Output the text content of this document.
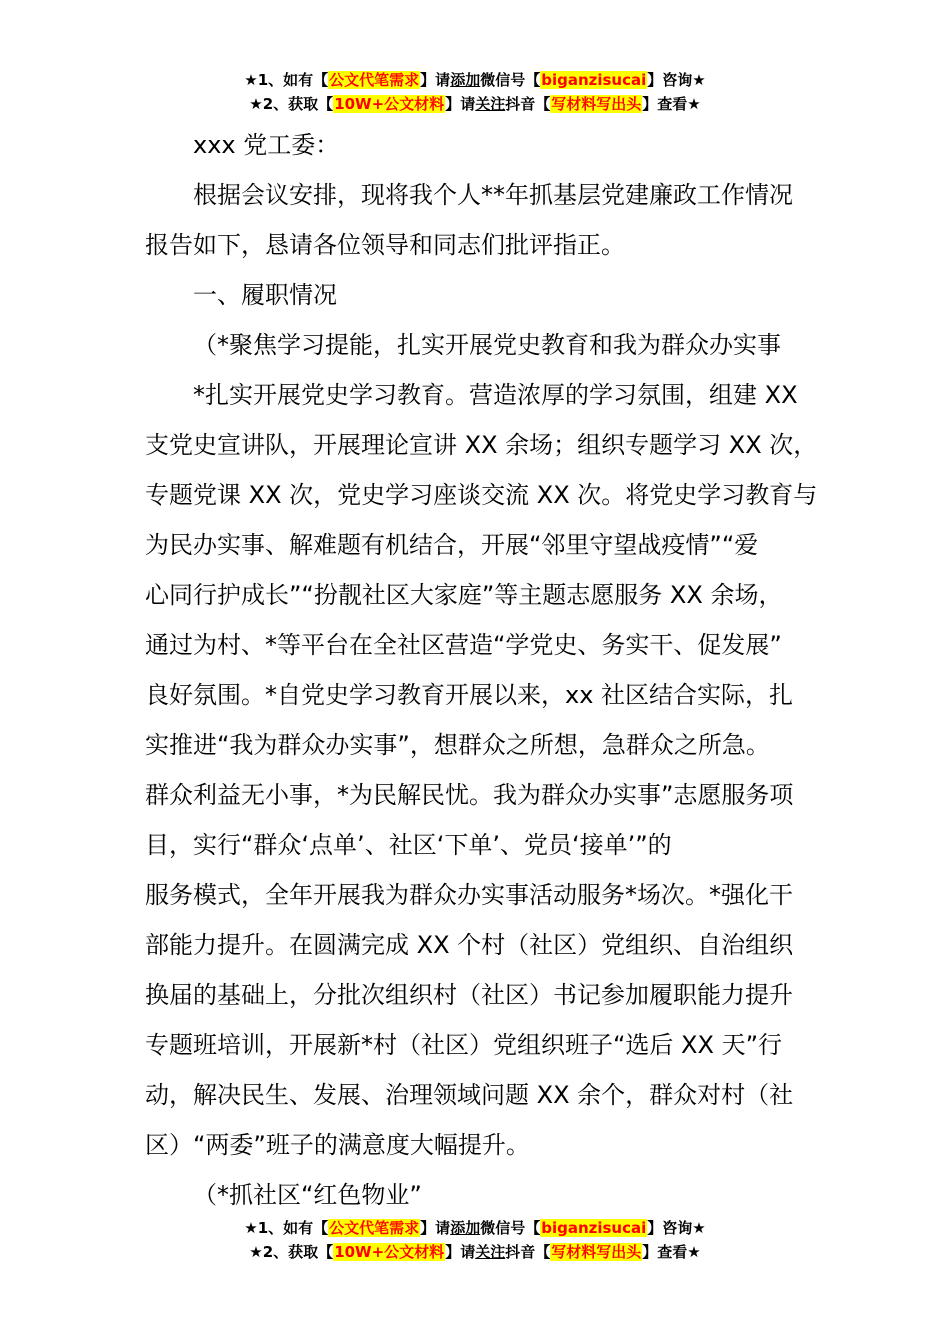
★1、如有【公文代笔需求】请添加微信号【biganzisucai】咨询★
★2、获取【10W+公文材料】请关注抖音【写材料写出头】查看★

xxx 党工委：

根据会议安排，现将我个人**年抓基层党建廉政工作情况

报告如下，恳请各位领导和同志们批评指正。

一、履职情况

（*聚焦学习提能，扎实开展党史教育和我为群众办实事

*扎实开展党史学习教育。营造浓厚的学习氛围，组建 XX

支党史宣讲队，开展理论宣讲 XX 余场；组织专题学习 XX 次，

专题党课 XX 次，党史学习座谈交流 XX 次。将党史学习教育与

为民办实事、解难题有机结合，开展“邻里守望战疫情”“爱

心同行护成长”“扮靓社区大家庭”等主题志愿服务 XX 余场，

通过为村、*等平台在全社区营造“学党史、务实干、促发展”

良好氛围。*自党史学习教育开展以来，xx 社区结合实际，扎

实推进“我为群众办实事”，想群众之所想，急群众之所急。

群众利益无小事，*为民解民忧。我为群众办实事”志愿服务项

目，实行“群众‘点单’、社区‘下单’、党员‘接单’”的

服务模式，全年开展我为群众办实事活动服务*场次。*强化干

部能力提升。在圆满完成 XX 个村（社区）党组织、自治组织

换届的基础上，分批次组织村（社区）书记参加履职能力提升

专题班培训，开展新*村（社区）党组织班子“选后 XX 天”行

动，解决民生、发展、治理领域问题 XX 余个，群众对村（社

区）“两委”班子的满意度大幅提升。

（*抓社区“红色物业”

★1、如有【公文代笔需求】请添加微信号【biganzisucai】咨询★
★2、获取【10W+公文材料】请关注抖音【写材料写出头】查看★
